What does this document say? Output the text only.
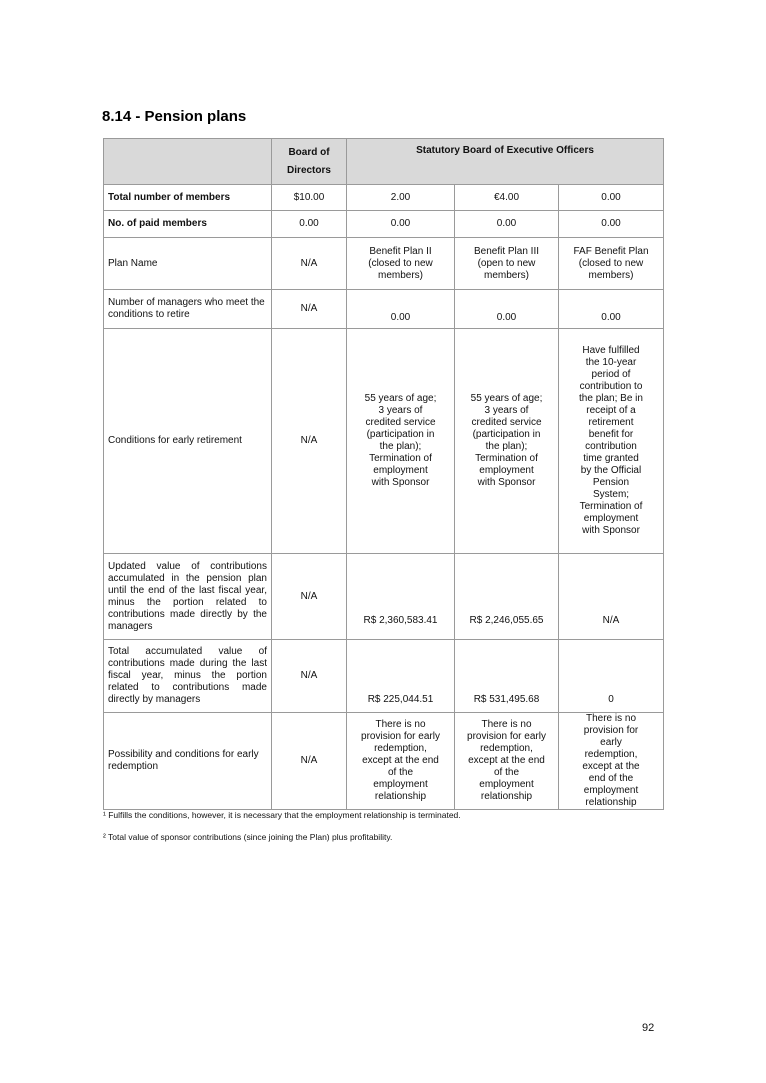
8.14 - Pension plans
	Board of Directors	Statutory Board of Executive Officers		
Total number of members	$10.00	2.00	€4.00	0.00
No. of paid members	0.00	0.00	0.00	0.00
Plan Name	N/A	Benefit Plan II (closed to new members)	Benefit Plan III (open to new members)	FAF Benefit Plan (closed to new members)

Number of managers who meet the conditions to retire	N/A	0.00	0.00	0.00
Conditions for early retirement	N/A	55 years of age; 3 years of credited service (participation in the plan); Termination of employment with Sponsor	55 years of age; 3 years of credited service (participation in the plan); Termination of employment with Sponsor	Have fulfilled the 10-year period of contribution to the plan; Be in receipt of a retirement benefit for contribution time granted by the Official Pension System; Termination of employment with Sponsor

Updated value of contributions accumulated in the pension plan until the end of the last fiscal year, minus the portion related to contributions made directly by the managers	N/A	R$ 2,360,583.41	R$ 2,246,055.65	N/A
Total accumulated value of contributions made during the last fiscal year, minus the portion related to contributions made directly by managers	N/A	R$ 225,044.51	R$ 531,495.68	0
Possibility and conditions for early redemption	N/A	There is no provision for early redemption, except at the end of the employment relationship	There is no provision for early redemption, except at the end of the employment relationship	There is no provision for early redemption, except at the end of the employment relationship
¹ Fulfills the conditions, however, it is necessary that the employment relationship is terminated.
² Total value of sponsor contributions (since joining the Plan) plus profitability.
92
